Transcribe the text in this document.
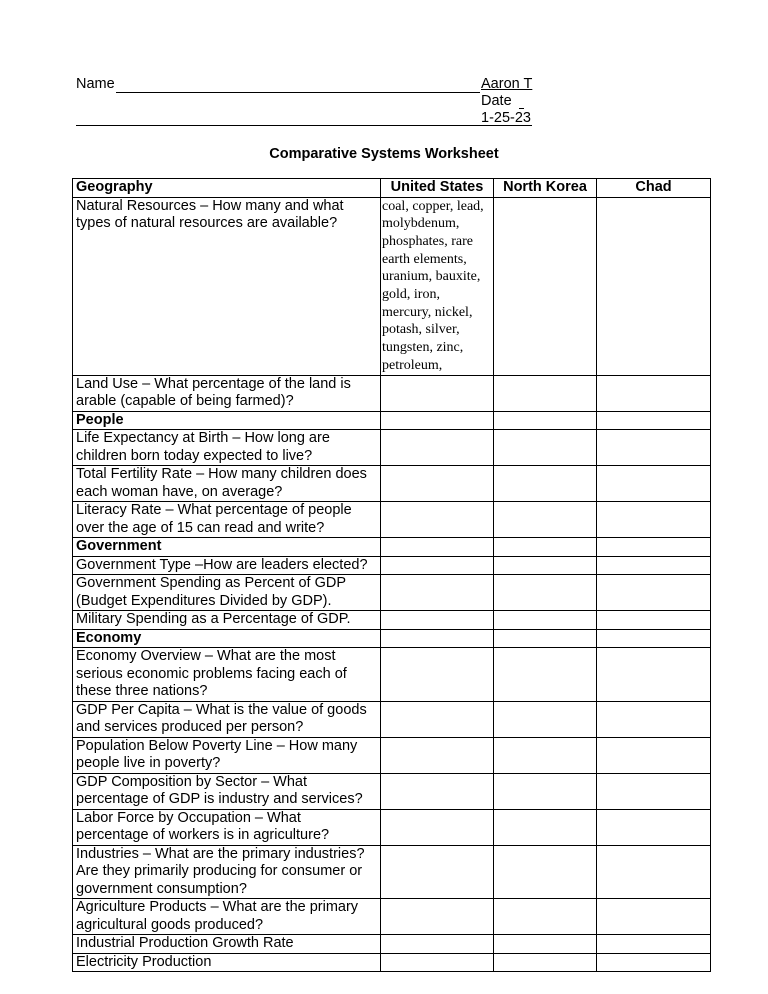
Name	Aaron T
Date
1-25-23
Comparative Systems Worksheet
Geography	United States	North Korea	Chad
Natural Resources – How many and what types of natural resources are available?	coal, copper, lead, molybdenum, phosphates, rare earth elements, uranium, bauxite, gold, iron, mercury, nickel, potash, silver, tungsten, zinc, petroleum,		
Land Use – What percentage of the land is arable (capable of being farmed)?			
People			
Life Expectancy at Birth – How long are children born today expected to live?			
Total Fertility Rate – How many children does each woman have, on average?			
Literacy Rate – What percentage of people over the age of 15 can read and write?			
Government			
Government Type –How are leaders elected?			
Government Spending as Percent of GDP (Budget Expenditures Divided by GDP).			
Military Spending as a Percentage of GDP.			
Economy			
Economy Overview – What are the most serious economic problems facing each of these three nations?			
GDP Per Capita – What is the value of goods and services produced per person?			
Population Below Poverty Line – How many people live in poverty?			
GDP Composition by Sector – What percentage of GDP is industry and services?			
Labor Force by Occupation – What percentage of workers is in agriculture?			
Industries – What are the primary industries? Are they primarily producing for consumer or government consumption?			
Agriculture Products – What are the primary agricultural goods produced?			
Industrial Production Growth Rate			
Electricity Production			
